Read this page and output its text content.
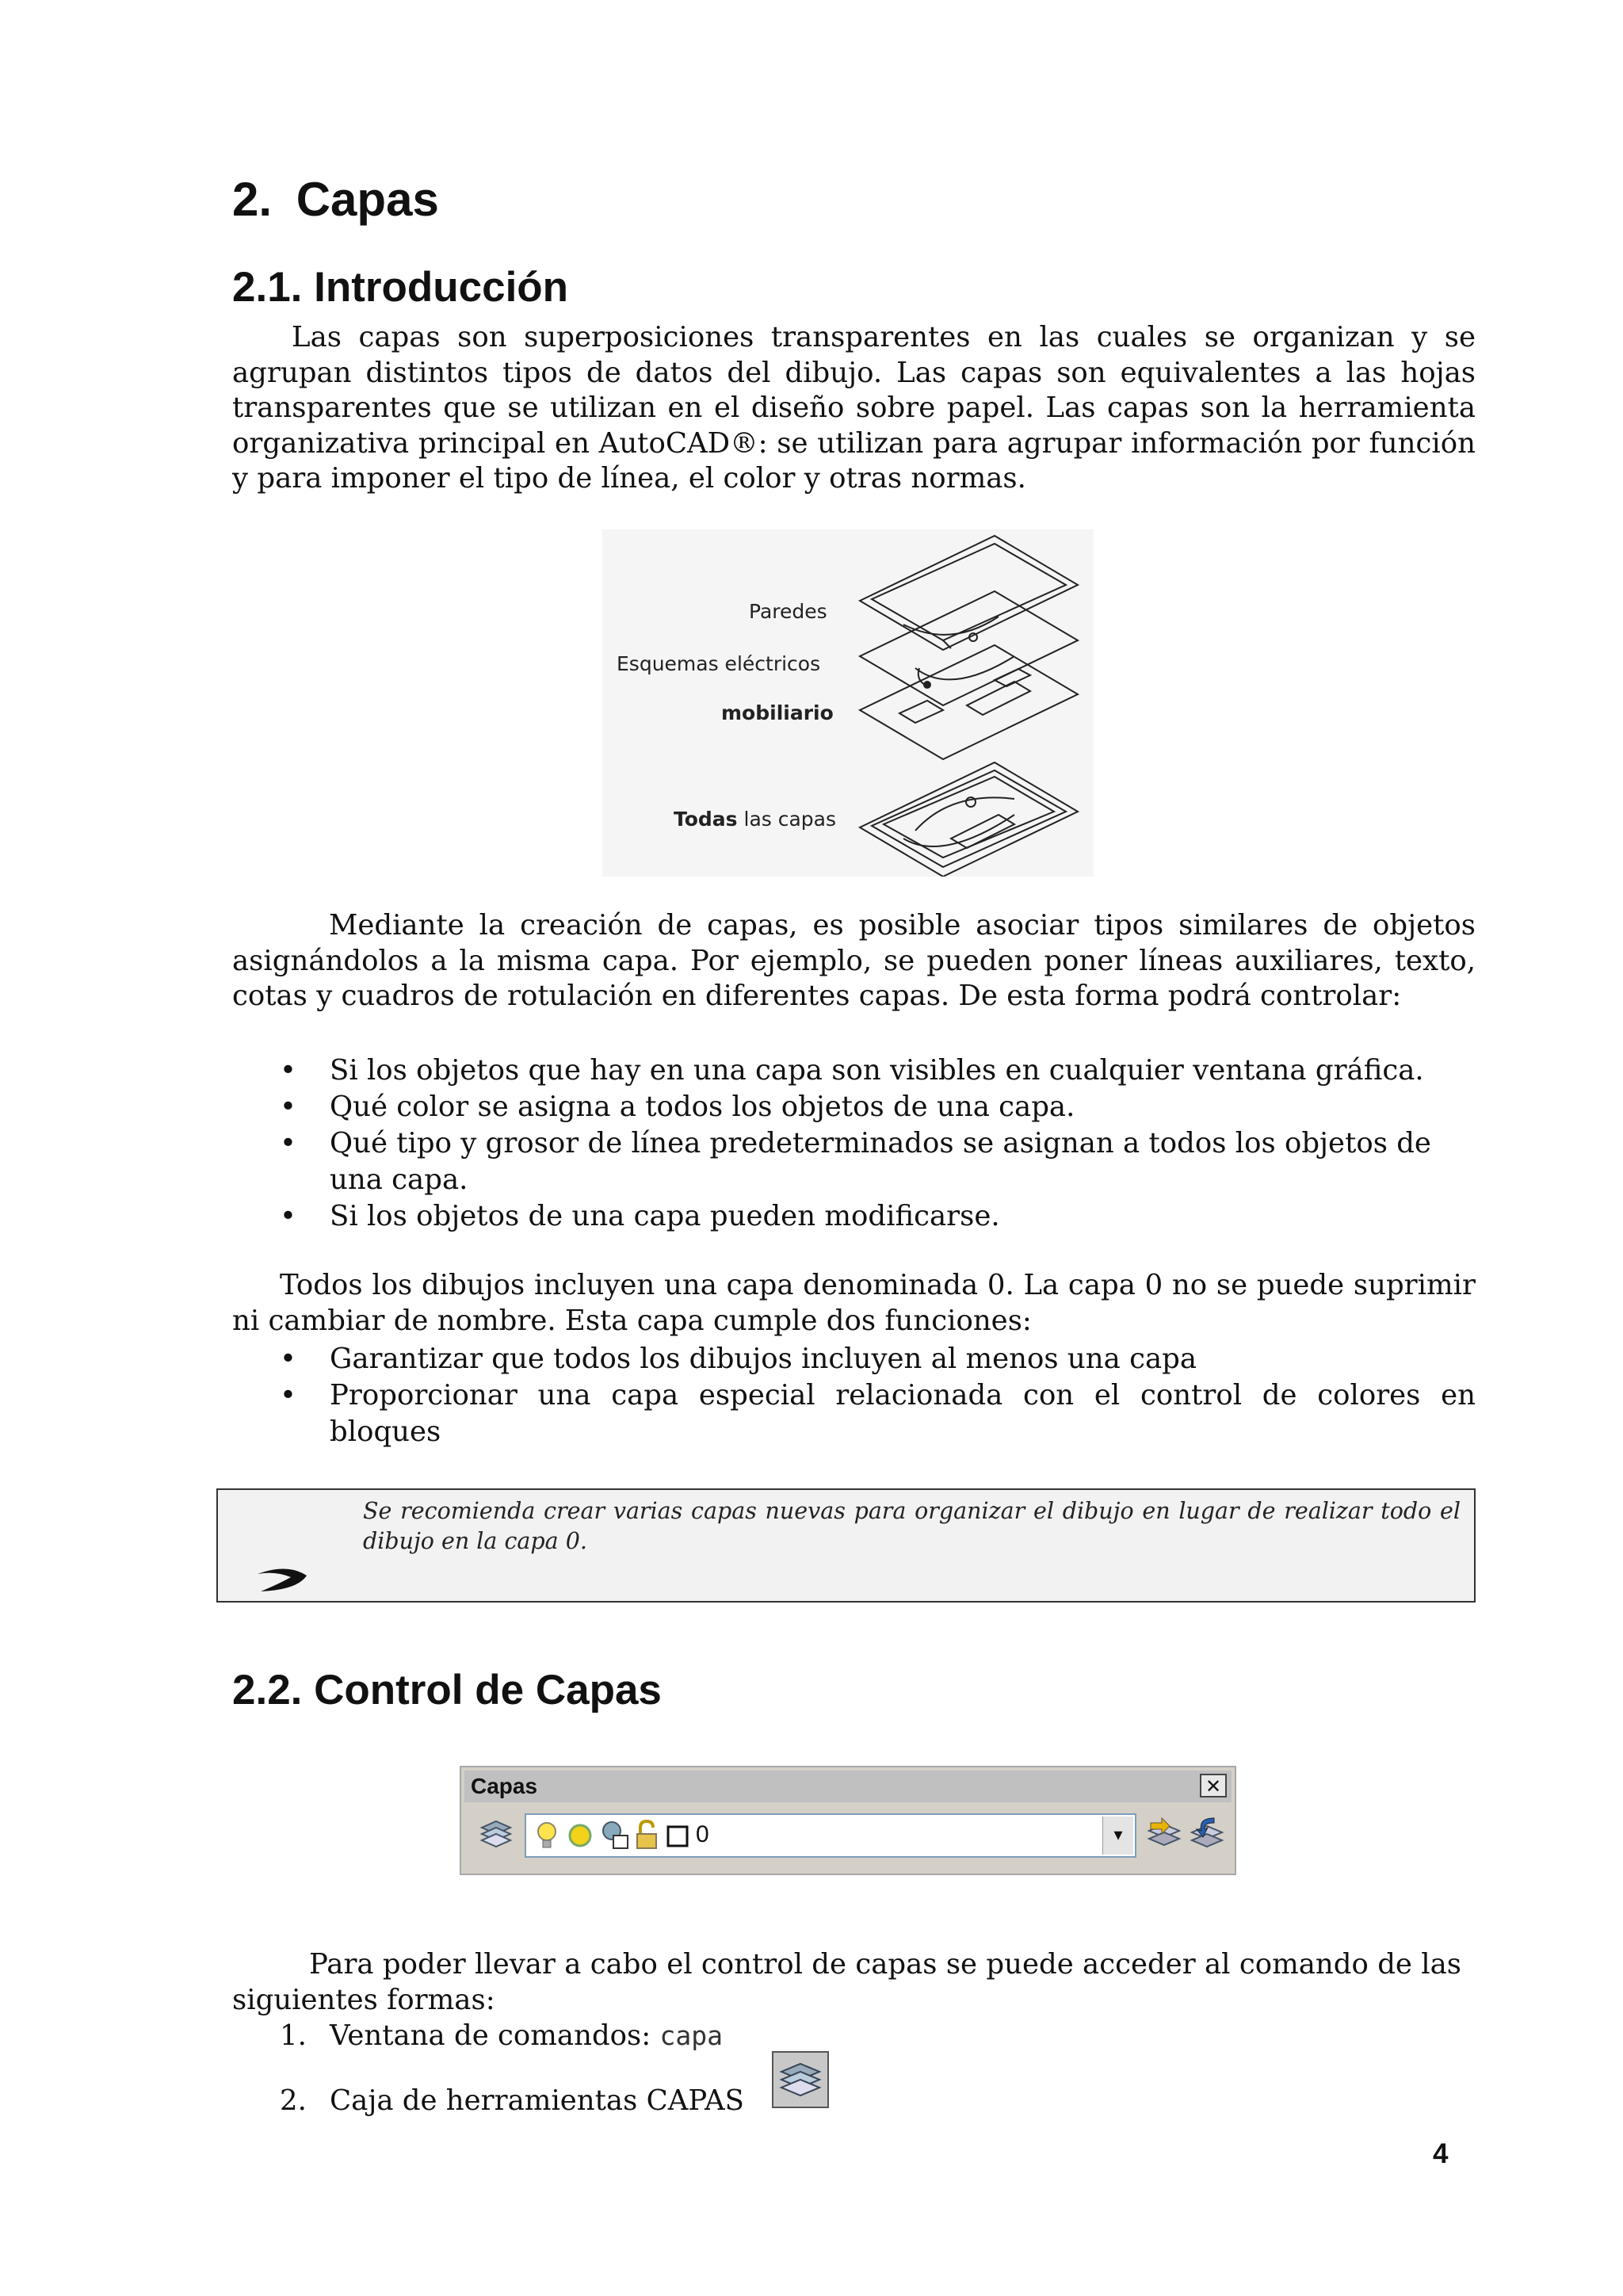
2. Capas
2.1. Introducción

Las capas son superposiciones transparentes en las cuales se organizan y se agrupan distintos tipos de datos del dibujo. Las capas son equivalentes a las hojas transparentes que se utilizan en el diseño sobre papel. Las capas son la herramienta organizativa principal en AutoCAD®: se utilizan para agrupar información por función y para imponer el tipo de línea, el color y otras normas.

Paredes
Esquemas eléctricos
mobiliario
Todas las capas

Mediante la creación de capas, es posible asociar tipos similares de objetos asignándolos a la misma capa. Por ejemplo, se pueden poner líneas auxiliares, texto, cotas y cuadros de rotulación en diferentes capas. De esta forma podrá controlar:

• Si los objetos que hay en una capa son visibles en cualquier ventana gráfica.
• Qué color se asigna a todos los objetos de una capa.
• Qué tipo y grosor de línea predeterminados se asignan a todos los objetos de una capa.
• Si los objetos de una capa pueden modificarse.

Todos los dibujos incluyen una capa denominada 0. La capa 0 no se puede suprimir ni cambiar de nombre. Esta capa cumple dos funciones:

• Garantizar que todos los dibujos incluyen al menos una capa
• Proporcionar una capa especial relacionada con el control de colores en bloques
Se recomienda crear varias capas nuevas para organizar el dibujo en lugar de realizar todo el dibujo en la capa 0.
2.2. Control de Capas
Capas	✕
0	▾

Para poder llevar a cabo el control de capas se puede acceder al comando de las siguientes formas:

1. Ventana de comandos: capa
2. Caja de herramientas CAPAS
4
